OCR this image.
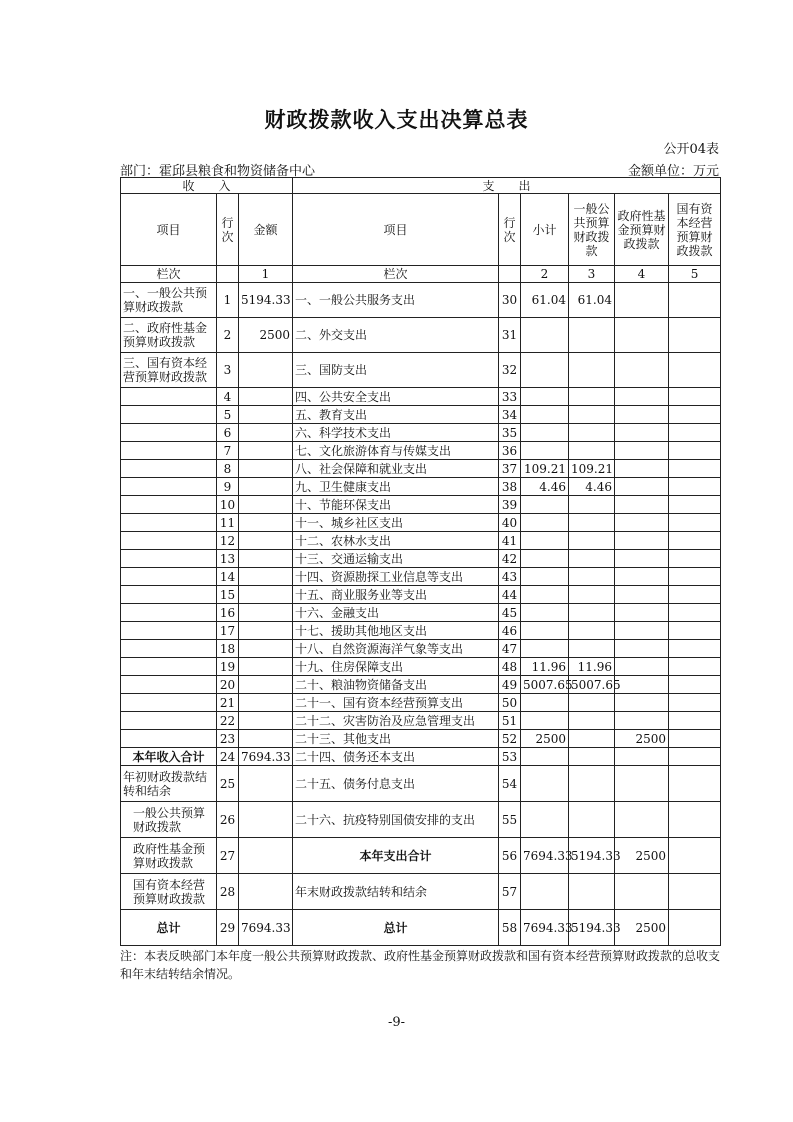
财政拨款收入支出决算总表
公开04表
部门：霍邱县粮食和物资储备中心	金额单位：万元
收　　入			支　　出					
项目	行次	金额	项目	行次	小计	一般公共预算财政拨款	政府性基金预算财政拨款	国有资本经营预算财政拨款
栏次		1	栏次		2	3	4	5
一、一般公共预算财政拨款	1	5194.33	一、一般公共服务支出	30	61.04	61.04		
二、政府性基金预算财政拨款	2	2500	二、外交支出	31				
三、国有资本经营预算财政拨款	3		三、国防支出	32				
	4		四、公共安全支出	33				
	5		五、教育支出	34				
	6		六、科学技术支出	35				
	7		七、文化旅游体育与传媒支出	36				
	8		八、社会保障和就业支出	37	109.21	109.21		
	9		九、卫生健康支出	38	4.46	4.46		
	10		十、节能环保支出	39				
	11		十一、城乡社区支出	40				
	12		十二、农林水支出	41				
	13		十三、交通运输支出	42				
	14		十四、资源勘探工业信息等支出	43				
	15		十五、商业服务业等支出	44				
	16		十六、金融支出	45				
	17		十七、援助其他地区支出	46				
	18		十八、自然资源海洋气象等支出	47				
	19		十九、住房保障支出	48	11.96	11.96		
	20		二十、粮油物资储备支出	49	5007.65	5007.65		
	21		二十一、国有资本经营预算支出	50				
	22		二十二、灾害防治及应急管理支出	51				
	23		二十三、其他支出	52	2500		2500	
本年收入合计	24	7694.33	二十四、债务还本支出	53				
年初财政拨款结转和结余	25		二十五、债务付息支出	54				
一般公共预算财政拨款	26		二十六、抗疫特别国债安排的支出	55				
政府性基金预算财政拨款	27		本年支出合计	56	7694.33	5194.33	2500	
国有资本经营预算财政拨款	28		年末财政拨款结转和结余	57				
总计	29	7694.33	总计	58	7694.33	5194.33	2500	
注：本表反映部门本年度一般公共预算财政拨款、政府性基金预算财政拨款和国有资本经营预算财政拨款的总收支和年末结转结余情况。
-9-
